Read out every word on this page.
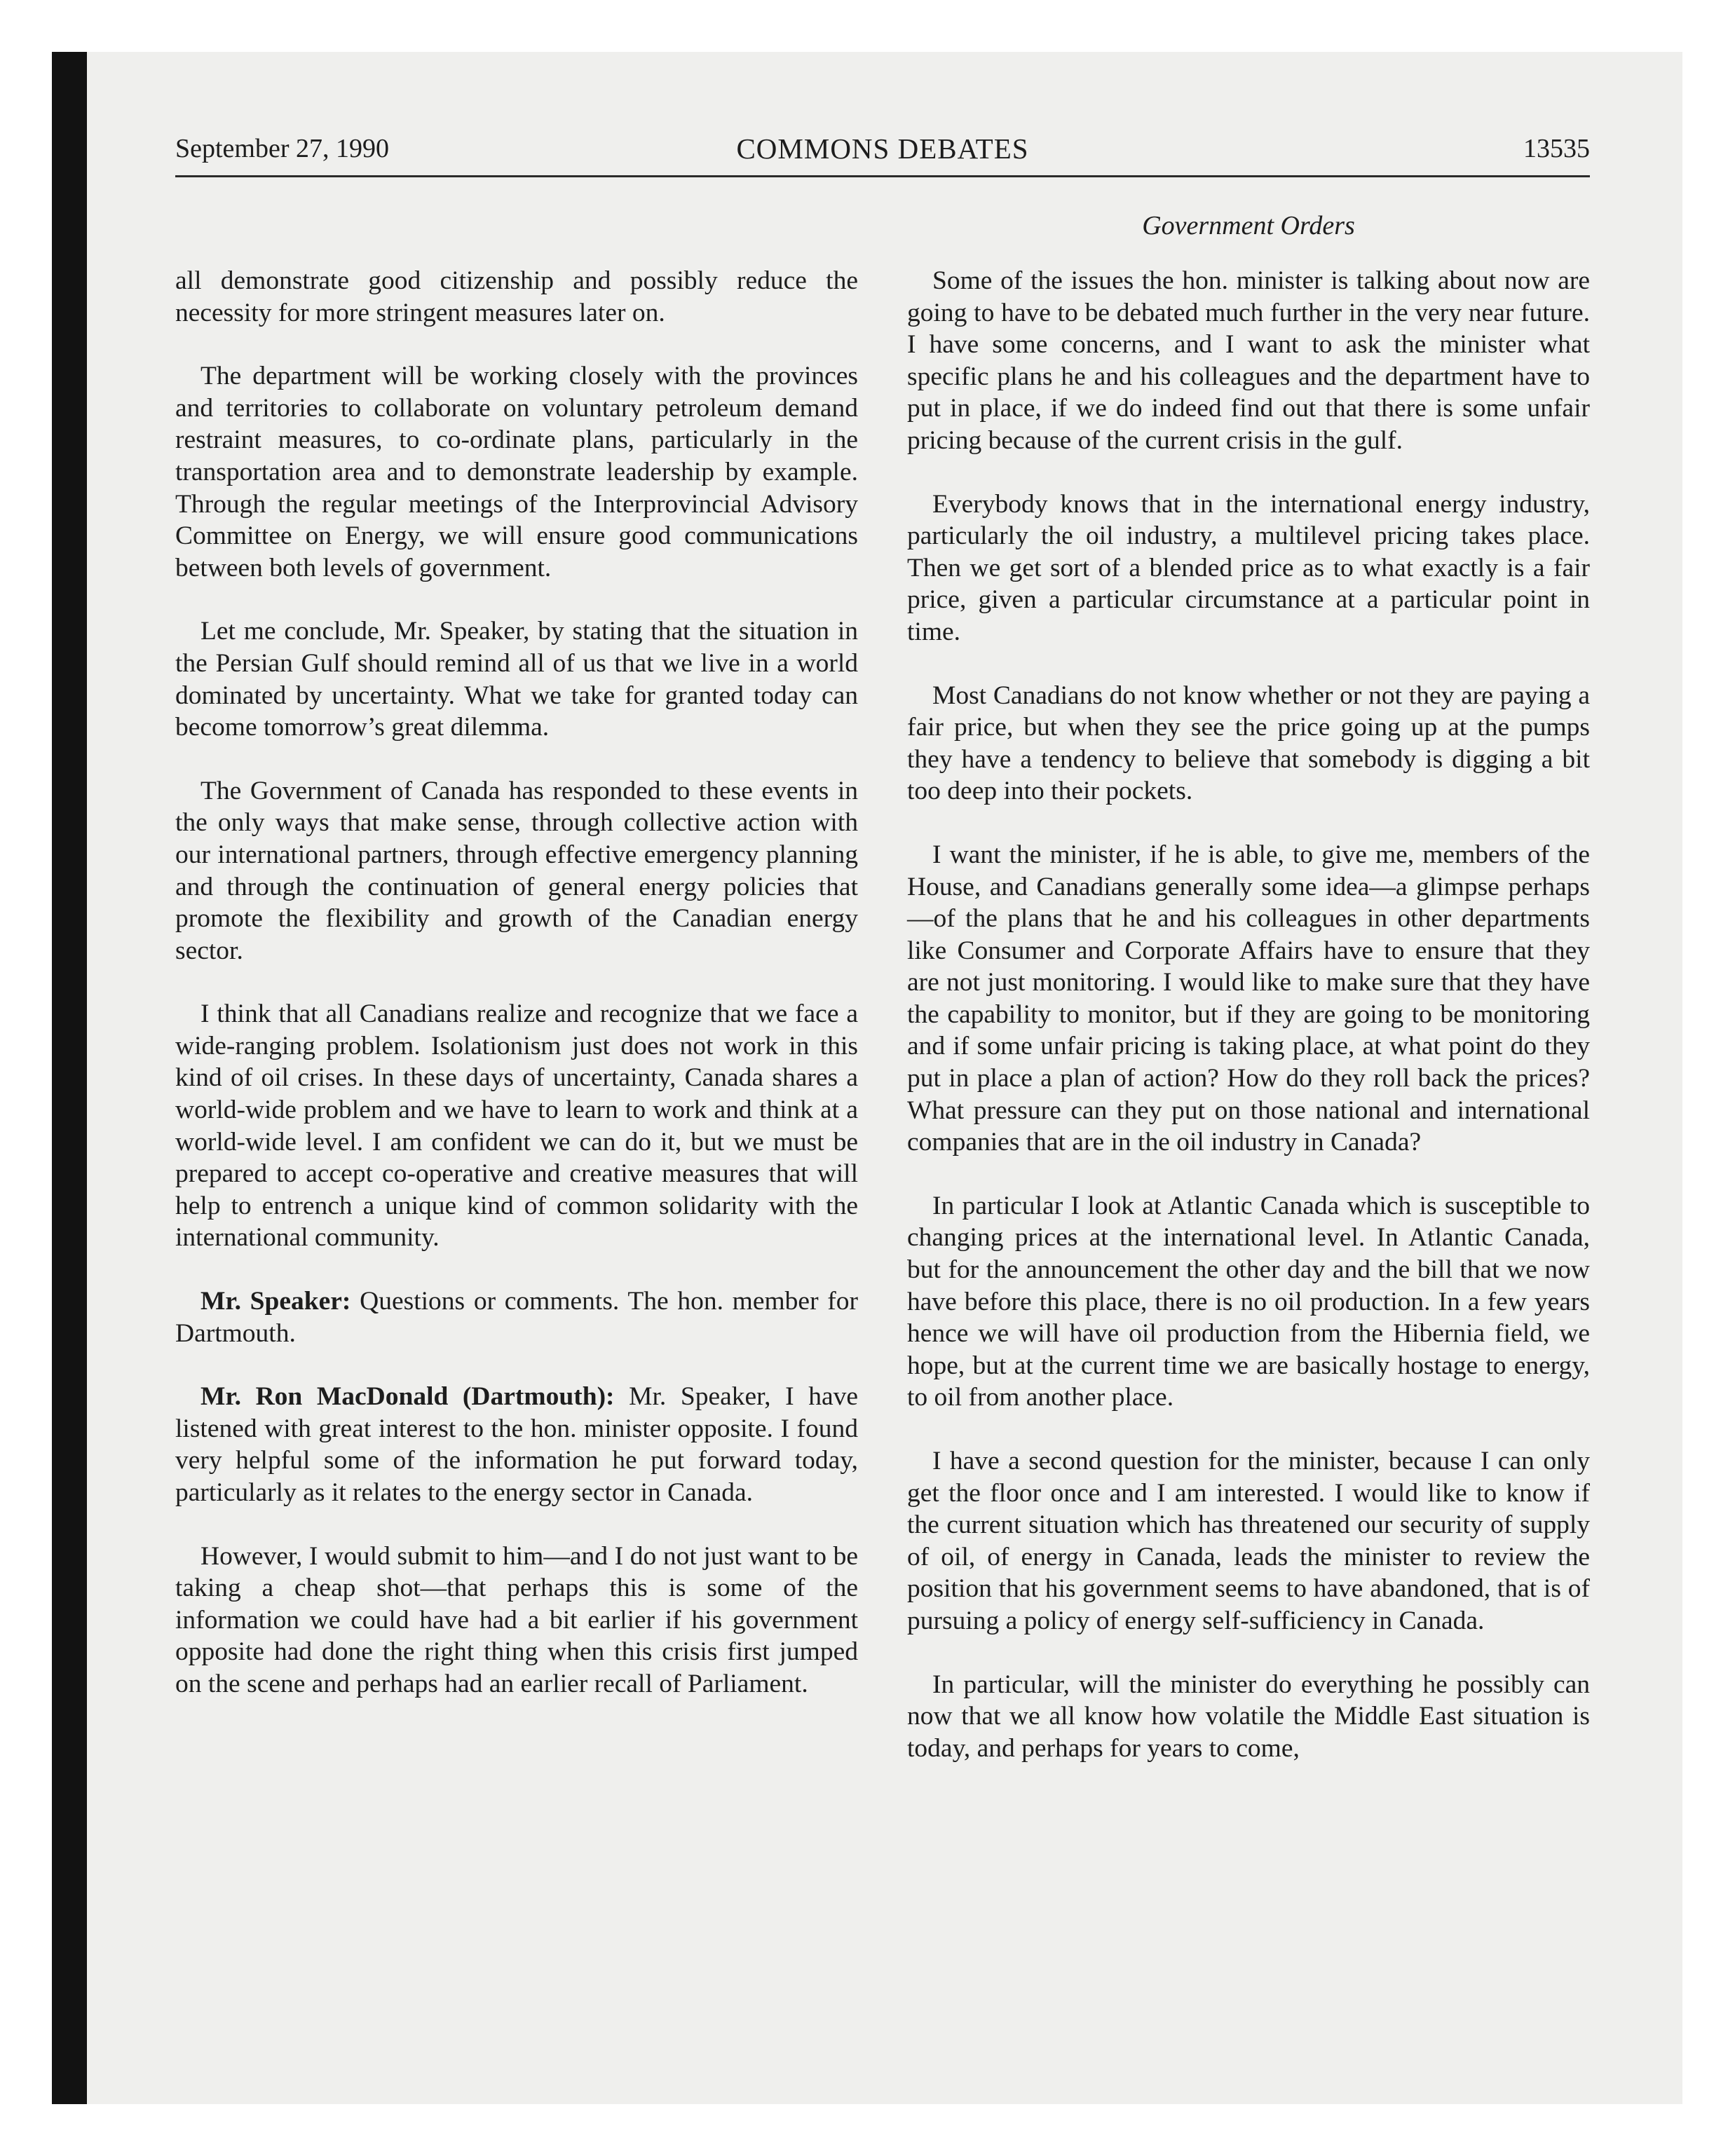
September 27, 1990	COMMONS DEBATES	13535
Government Orders

all demonstrate good citizenship and possibly reduce the necessity for more stringent measures later on.

The department will be working closely with the provinces and territories to collaborate on voluntary petroleum demand restraint measures, to co-ordinate plans, particularly in the transportation area and to demonstrate leadership by example. Through the regular meetings of the Interprovincial Advisory Committee on Energy, we will ensure good communications between both levels of government.

Let me conclude, Mr. Speaker, by stating that the situation in the Persian Gulf should remind all of us that we live in a world dominated by uncertainty. What we take for granted today can become tomorrow’s great dilemma.

The Government of Canada has responded to these events in the only ways that make sense, through collective action with our international partners, through effective emergency planning and through the continuation of general energy policies that promote the flexibility and growth of the Canadian energy sector.

I think that all Canadians realize and recognize that we face a wide-ranging problem. Isolationism just does not work in this kind of oil crises. In these days of uncertainty, Canada shares a world-wide problem and we have to learn to work and think at a world-wide level. I am confident we can do it, but we must be prepared to accept co-operative and creative measures that will help to entrench a unique kind of common solidarity with the international community.

Mr. Speaker: Questions or comments. The hon. member for Dartmouth.

Mr. Ron MacDonald (Dartmouth): Mr. Speaker, I have listened with great interest to the hon. minister opposite. I found very helpful some of the information he put forward today, particularly as it relates to the energy sector in Canada.

However, I would submit to him—and I do not just want to be taking a cheap shot—that perhaps this is some of the information we could have had a bit earlier if his government opposite had done the right thing when this crisis first jumped on the scene and perhaps had an earlier recall of Parliament.

Some of the issues the hon. minister is talking about now are going to have to be debated much further in the very near future. I have some concerns, and I want to ask the minister what specific plans he and his colleagues and the department have to put in place, if we do indeed find out that there is some unfair pricing because of the current crisis in the gulf.

Everybody knows that in the international energy industry, particularly the oil industry, a multilevel pricing takes place. Then we get sort of a blended price as to what exactly is a fair price, given a particular circumstance at a particular point in time.

Most Canadians do not know whether or not they are paying a fair price, but when they see the price going up at the pumps they have a tendency to believe that somebody is digging a bit too deep into their pockets.

I want the minister, if he is able, to give me, members of the House, and Canadians generally some idea—a glimpse perhaps—of the plans that he and his colleagues in other departments like Consumer and Corporate Affairs have to ensure that they are not just monitoring. I would like to make sure that they have the capability to monitor, but if they are going to be monitoring and if some unfair pricing is taking place, at what point do they put in place a plan of action? How do they roll back the prices? What pressure can they put on those national and international companies that are in the oil industry in Canada?

In particular I look at Atlantic Canada which is susceptible to changing prices at the international level. In Atlantic Canada, but for the announcement the other day and the bill that we now have before this place, there is no oil production. In a few years hence we will have oil production from the Hibernia field, we hope, but at the current time we are basically hostage to energy, to oil from another place.

I have a second question for the minister, because I can only get the floor once and I am interested. I would like to know if the current situation which has threatened our security of supply of oil, of energy in Canada, leads the minister to review the position that his government seems to have abandoned, that is of pursuing a policy of energy self-sufficiency in Canada.

In particular, will the minister do everything he possibly can now that we all know how volatile the Middle East situation is today, and perhaps for years to come,
